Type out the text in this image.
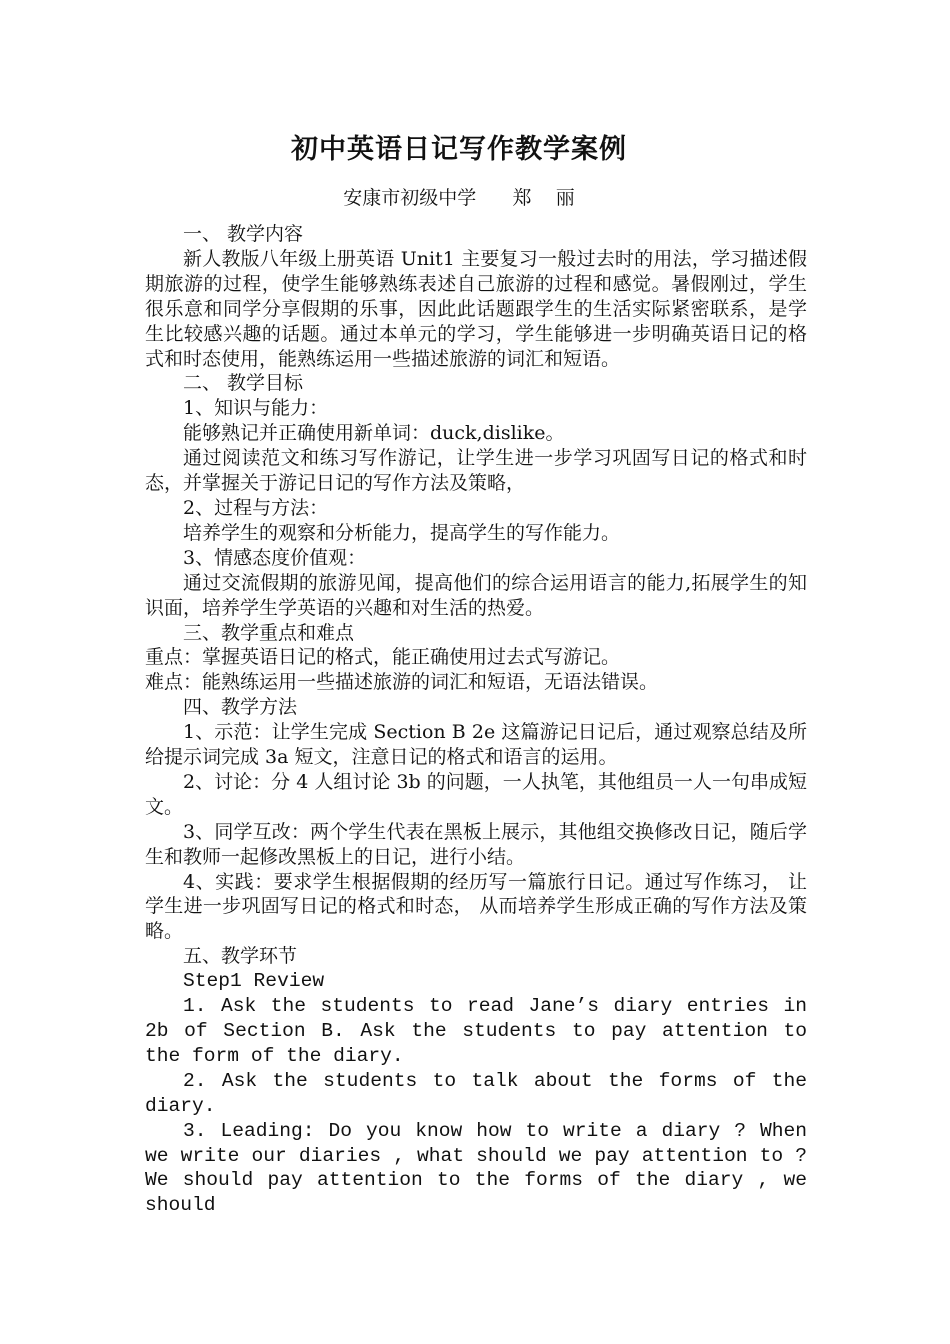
初中英语日记写作教学案例
安康市初级中学      郑    丽

一、 教学内容

新人教版八年级上册英语 Unit1 主要复习一般过去时的用法，学习描述假期旅游的过程，使学生能够熟练表述自己旅游的过程和感觉。暑假刚过，学生很乐意和同学分享假期的乐事，因此此话题跟学生的生活实际紧密联系，是学生比较感兴趣的话题。通过本单元的学习，学生能够进一步明确英语日记的格式和时态使用，能熟练运用一些描述旅游的词汇和短语。

二、 教学目标

1、知识与能力：

能够熟记并正确使用新单词：duck,dislike。

通过阅读范文和练习写作游记，让学生进一步学习巩固写日记的格式和时态，并掌握关于游记日记的写作方法及策略，

2、过程与方法：

培养学生的观察和分析能力，提高学生的写作能力。

3、情感态度价值观：

通过交流假期的旅游见闻，提高他们的综合运用语言的能力,拓展学生的知识面，培养学生学英语的兴趣和对生活的热爱。

三、教学重点和难点

重点：掌握英语日记的格式，能正确使用过去式写游记。

难点：能熟练运用一些描述旅游的词汇和短语，无语法错误。

四、教学方法

1、示范：让学生完成 Section B 2e 这篇游记日记后，通过观察总结及所给提示词完成 3a 短文，注意日记的格式和语言的运用。

2、讨论：分 4 人组讨论 3b 的问题，一人执笔，其他组员一人一句串成短文。

3、同学互改：两个学生代表在黑板上展示，其他组交换修改日记，随后学生和教师一起修改黑板上的日记，进行小结。

4、实践：要求学生根据假期的经历写一篇旅行日记。通过写作练习， 让学生进一步巩固写日记的格式和时态， 从而培养学生形成正确的写作方法及策略。

五、教学环节

Step1 Review

1. Ask the students to read Jane’s diary entries in 2b of Section B. Ask the students to pay attention to the form of the diary.

2. Ask the students to talk about the forms of the diary.

3. Leading: Do you know how to write a diary ? When we write our diaries , what should we pay attention to ? We should pay attention to the forms of the diary , we should
